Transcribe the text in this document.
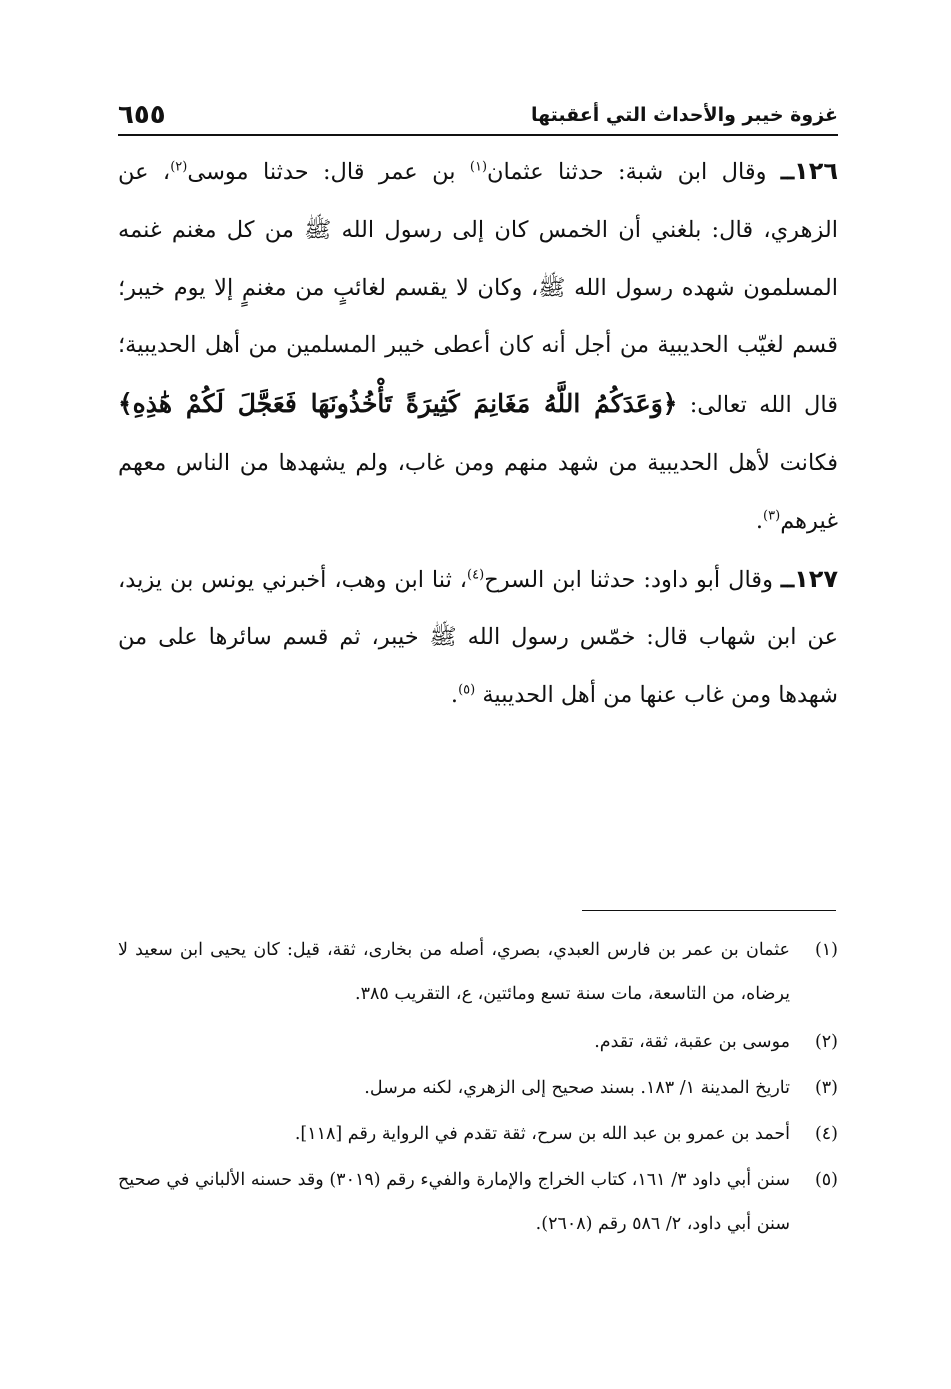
غزوة خيبر والأحداث التي أعقبتها
٦٥٥

١٢٦ــ وقال ابن شبة: حدثنا عثمان$^{(١)}$ بن عمر قال: حدثنا موسى$^{(٢)}$، عن الزهري، قال: بلغني أن الخمس كان إلى رسول الله ﷺ من كل مغنم غنمه المسلمون شهده رسول الله ﷺ، وكان لا يقسم لغائبٍ من مغنمٍ إلا يوم خيبر؛ قسم لغيّب الحديبية من أجل أنه كان أعطى خيبر المسلمين من أهل الحديبية؛ قال الله تعالى: ﴿وَعَدَكُمُ اللَّهُ مَغَانِمَ كَثِيرَةً تَأْخُذُونَهَا فَعَجَّلَ لَكُمْ هَٰذِهِ﴾ فكانت لأهل الحديبية من شهد منهم ومن غاب، ولم يشهدها من الناس معهم غيرهم$^{(٣)}$.

١٢٧ــ وقال أبو داود: حدثنا ابن السرح$^{(٤)}$، ثنا ابن وهب، أخبرني يونس بن يزيد، عن ابن شهاب قال: خمّس رسول الله ﷺ خيبر، ثم قسم سائرها على من شهدها ومن غاب عنها من أهل الحديبية $^{(٥)}$.

(١)
عثمان بن عمر بن فارس العبدي، بصري، أصله من بخارى، ثقة، قيل: كان يحيى ابن سعيد لا يرضاه، من التاسعة، مات سنة تسع ومائتين، ع، التقريب ٣٨٥.
(٢)
موسى بن عقبة، ثقة، تقدم.
(٣)
تاريخ المدينة ١/ ١٨٣. بسند صحيح إلى الزهري، لكنه مرسل.
(٤)
أحمد بن عمرو بن عبد الله بن سرح، ثقة تقدم في الرواية رقم [١١٨].
(٥)
سنن أبي داود ٣/ ١٦١، كتاب الخراج والإمارة والفيء رقم (٣٠١٩) وقد حسنه الألباني في صحيح سنن أبي داود، ٢/ ٥٨٦ رقم (٢٦٠٨).
